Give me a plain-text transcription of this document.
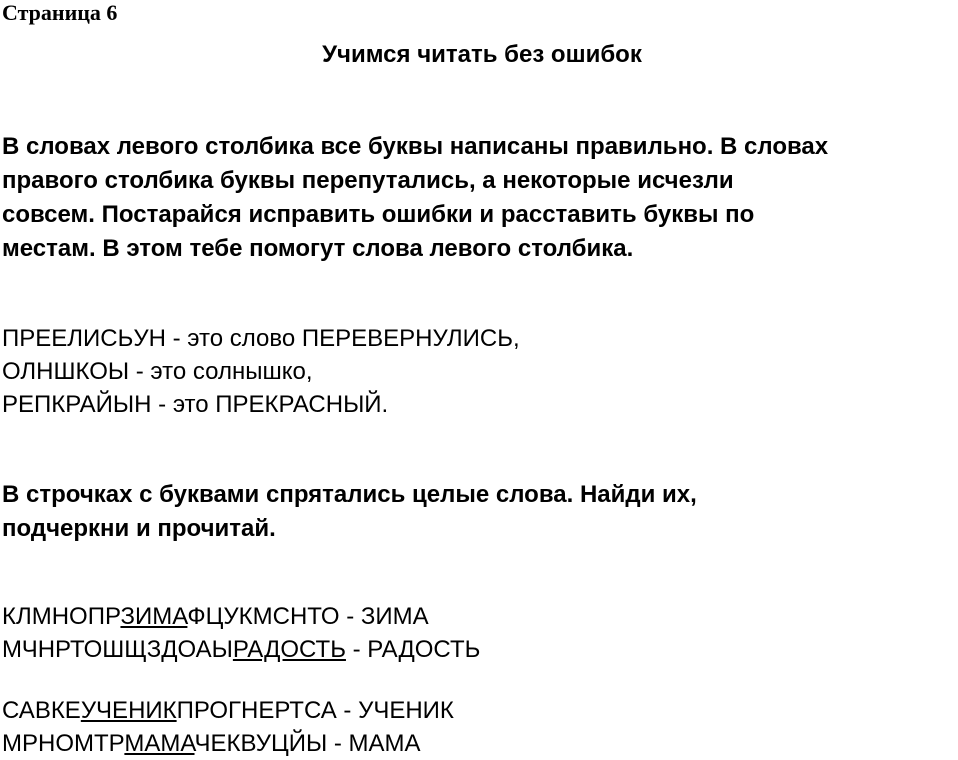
Страница 6
Учимся читать без ошибок
В словах левого столбика все буквы написаны правильно. В словах
правого столбика буквы перепутались, а некоторые исчезли
совсем. Постарайся исправить ошибки и расставить буквы по
местам. В этом тебе помогут слова левого столбика.
ПРЕЕЛИСЬУН - это слово ПЕРЕВЕРНУЛИСЬ,
ОЛНШКОЫ - это солнышко,
РЕПКРАЙЫН - это ПРЕКРАСНЫЙ.
В строчках с буквами спрятались целые слова. Найди их,
подчеркни и прочитай.
КЛМНОПРЗИМАФЦУКМСНТО - ЗИМА
МЧНРТОШЩЗДОАЫРАДОСТЬ - РАДОСТЬ
САВКЕУЧЕНИКПРОГНЕРТСА - УЧЕНИК
МРНОМТРМАМАЧЕКВУЦЙЫ - МАМА
